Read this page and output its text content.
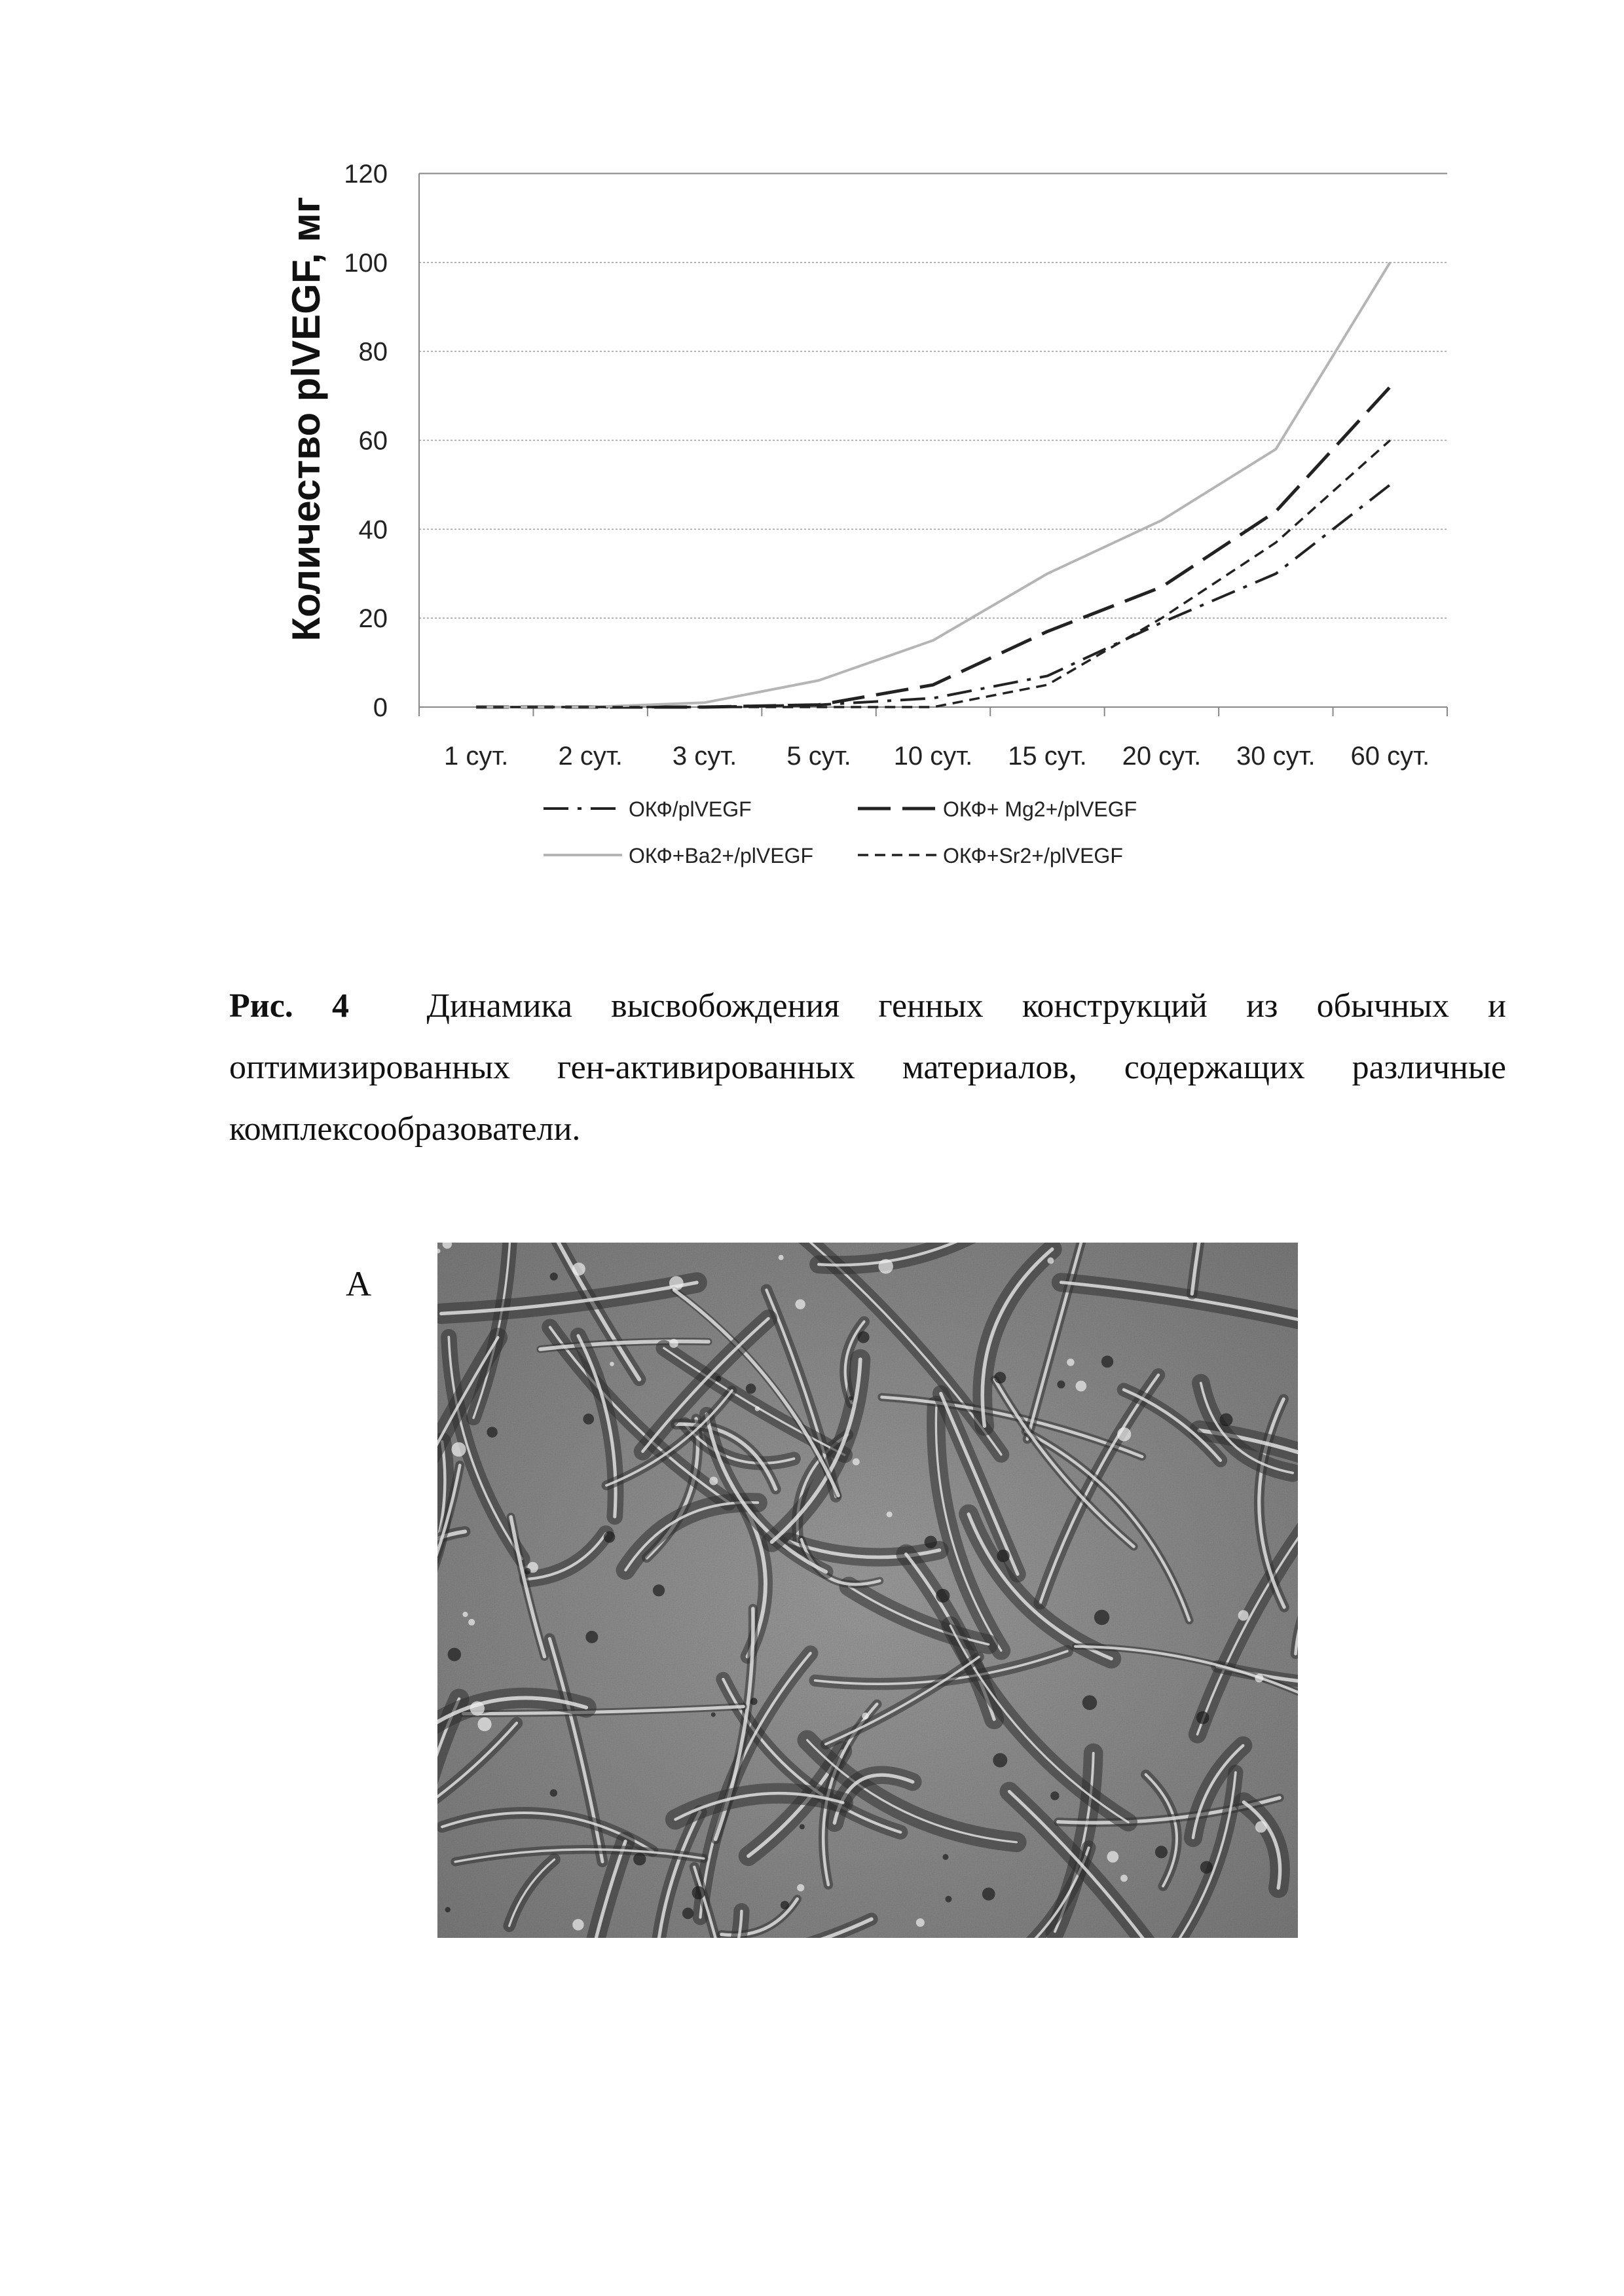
0
20
40
60
80
100
120
1 сут. 2 сут. 3 сут. 5 сут. 10 сут. 15 сут. 20 сут. 30 сут. 60 сут.
Количество plVEGF, мг
ОКФ/plVEGF	ОКФ+ Mg2+/plVEGF
ОКФ+Ba2+/plVEGF	ОКФ+Sr2+/plVEGF

Рис. 4 Динамика высвобождения генных конструкций из обычных и оптимизированных ген-активированных материалов, содержащих различные комплексообразователи.

A
